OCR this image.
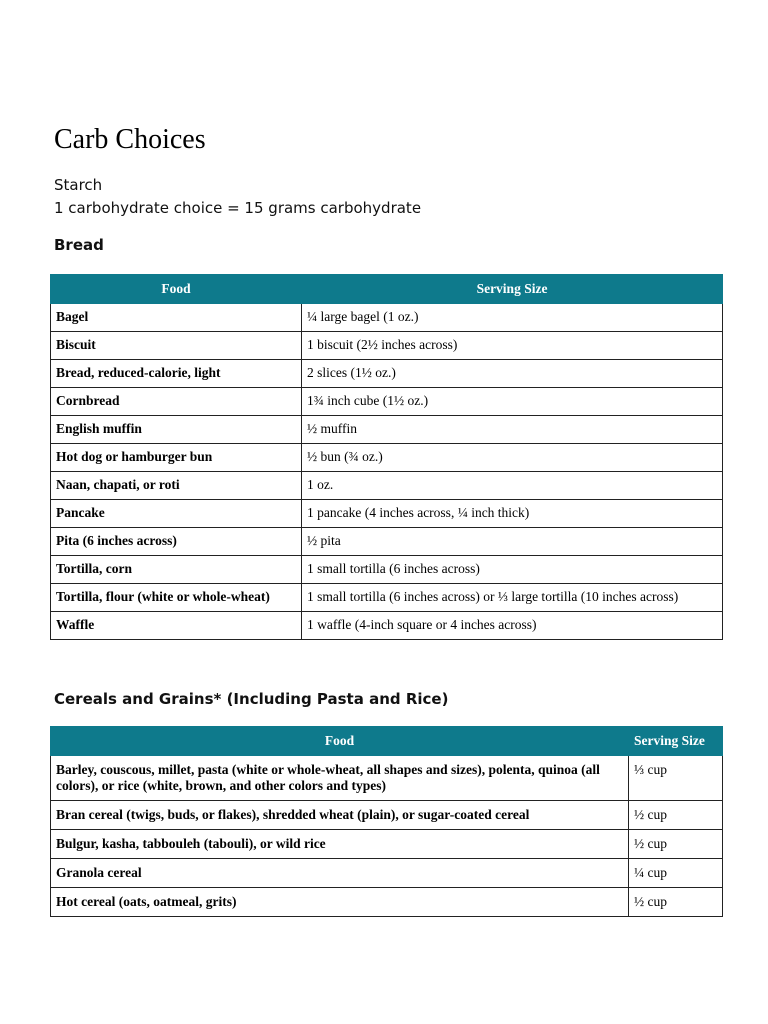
Carb Choices

Starch

1 carbohydrate choice = 15 grams carbohydrate

Bread
Food	Serving Size
Bagel	¼ large bagel (1 oz.)
Biscuit	1 biscuit (2½ inches across)
Bread, reduced-calorie, light	2 slices (1½ oz.)
Cornbread	1¾ inch cube (1½ oz.)
English muffin	½ muffin
Hot dog or hamburger bun	½ bun (¾ oz.)
Naan, chapati, or roti	1 oz.
Pancake	1 pancake (4 inches across, ¼ inch thick)
Pita (6 inches across)	½ pita
Tortilla, corn	1 small tortilla (6 inches across)
Tortilla, flour (white or whole-wheat)	1 small tortilla (6 inches across) or ⅓ large tortilla (10 inches across)
Waffle	1 waffle (4-inch square or 4 inches across)
Cereals and Grains* (Including Pasta and Rice)
Food	Serving Size
Barley, couscous, millet, pasta (white or whole-wheat, all shapes and sizes), polenta, quinoa (all colors), or rice (white, brown, and other colors and types)	⅓ cup
Bran cereal (twigs, buds, or flakes), shredded wheat (plain), or sugar-coated cereal	½ cup
Bulgur, kasha, tabbouleh (tabouli), or wild rice	½ cup
Granola cereal	¼ cup
Hot cereal (oats, oatmeal, grits)	½ cup
